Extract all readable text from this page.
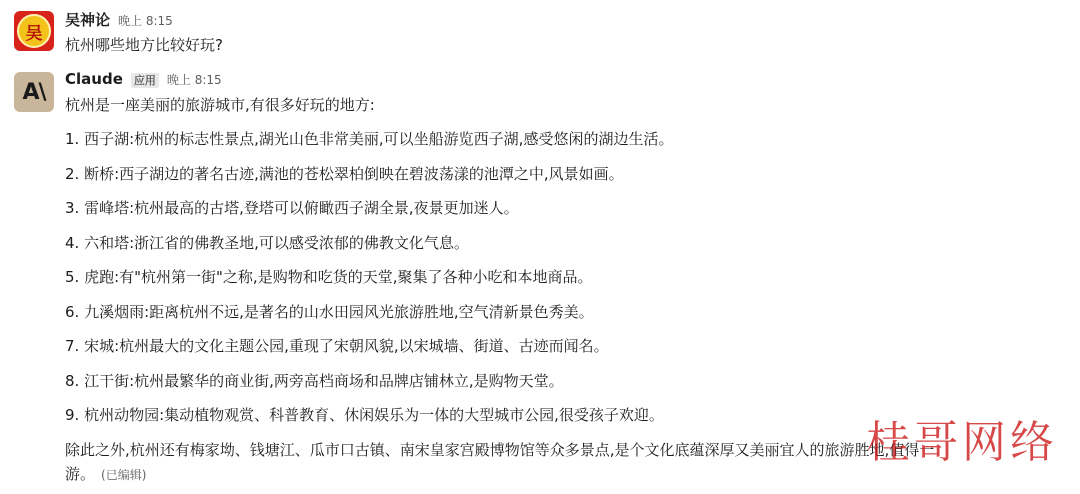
吴
吴神论 晚上 8:15
杭州哪些地方比较好玩?
A\
Claude 应用 晚上 8:15
杭州是一座美丽的旅游城市,有很多好玩的地方:
1. 西子湖:杭州的标志性景点,湖光山色非常美丽,可以坐船游览西子湖,感受悠闲的湖边生活。
2. 断桥:西子湖边的著名古迹,满池的苍松翠柏倒映在碧波荡漾的池潭之中,风景如画。
3. 雷峰塔:杭州最高的古塔,登塔可以俯瞰西子湖全景,夜景更加迷人。
4. 六和塔:浙江省的佛教圣地,可以感受浓郁的佛教文化气息。
5. 虎跑:有"杭州第一街"之称,是购物和吃货的天堂,聚集了各种小吃和本地商品。
6. 九溪烟雨:距离杭州不远,是著名的山水田园风光旅游胜地,空气清新景色秀美。
7. 宋城:杭州最大的文化主题公园,重现了宋朝风貌,以宋城墙、街道、古迹而闻名。
8. 江干街:杭州最繁华的商业街,两旁高档商场和品牌店铺林立,是购物天堂。
9. 杭州动物园:集动植物观赏、科普教育、休闲娱乐为一体的大型城市公园,很受孩子欢迎。
除此之外,杭州还有梅家坳、钱塘江、瓜市口古镇、南宋皇家宫殿博物馆等众多景点,是个文化底蕴深厚又美丽宜人的旅游胜地,值得一
游。 (已编辑)
桂哥网络
